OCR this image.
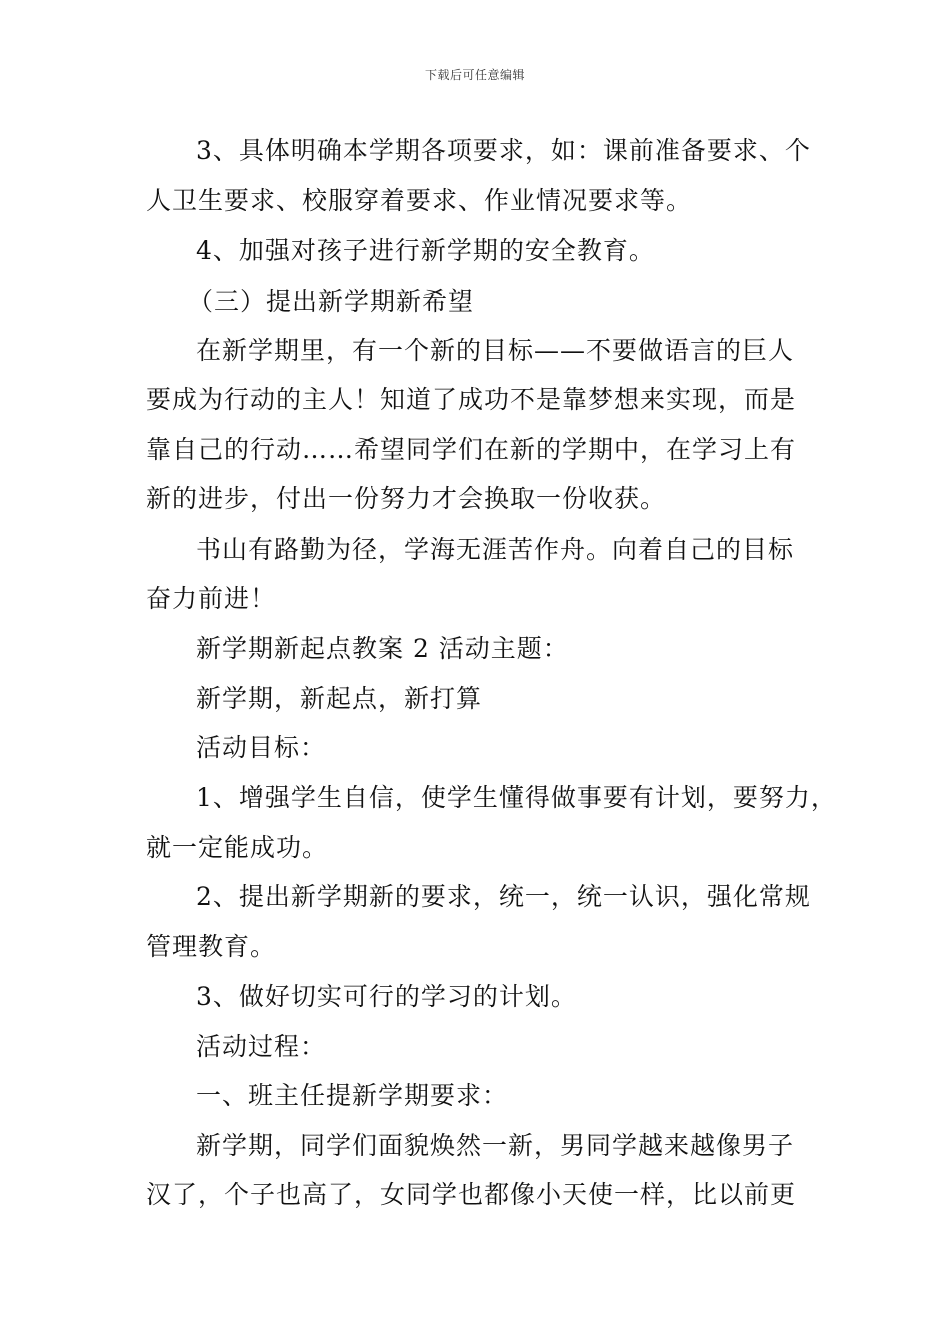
下载后可任意编辑
3、具体明确本学期各项要求，如：课前准备要求、个
人卫生要求、校服穿着要求、作业情况要求等。
4、加强对孩子进行新学期的安全教育。
（三）提出新学期新希望
在新学期里，有一个新的目标——不要做语言的巨人
要成为行动的主人！知道了成功不是靠梦想来实现，而是
靠自己的行动……希望同学们在新的学期中，在学习上有
新的进步，付出一份努力才会换取一份收获。
书山有路勤为径，学海无涯苦作舟。向着自己的目标
奋力前进！
新学期新起点教案 2 活动主题：
新学期，新起点，新打算
活动目标：
1、增强学生自信，使学生懂得做事要有计划，要努力，
就一定能成功。
2、提出新学期新的要求，统一，统一认识，强化常规
管理教育。
3、做好切实可行的学习的计划。
活动过程：
一、班主任提新学期要求：
新学期，同学们面貌焕然一新，男同学越来越像男子
汉了，个子也高了，女同学也都像小天使一样，比以前更
